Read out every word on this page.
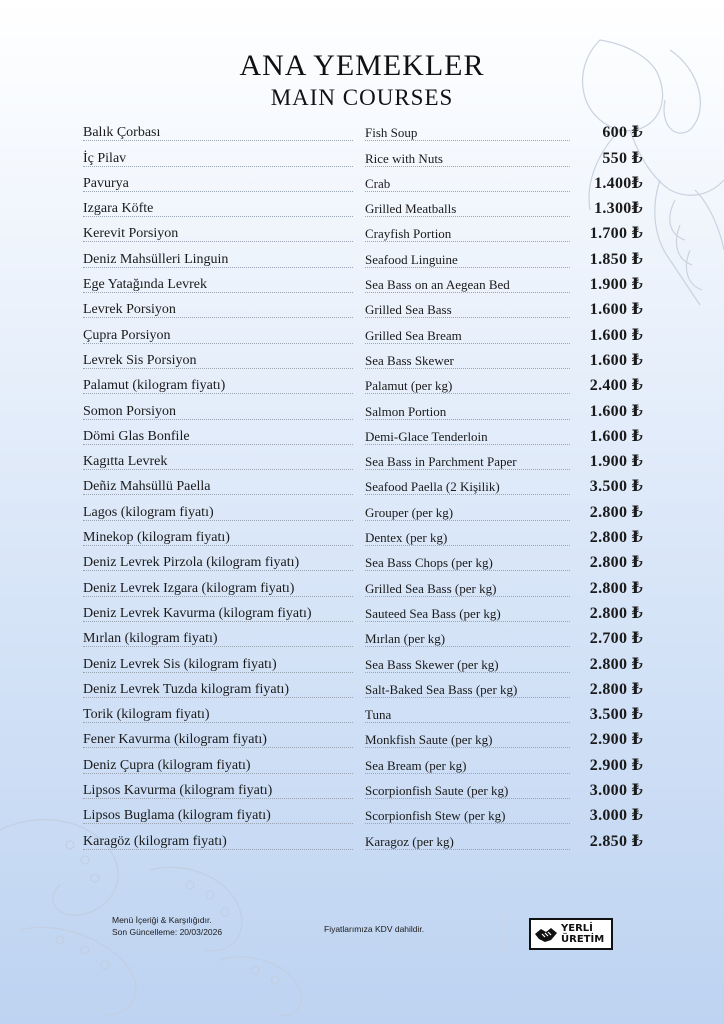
ANA YEMEKLER
MAIN COURSES
Balık Çorbası	Fish Soup	600 ₺
İç Pilav	Rice with Nuts	550 ₺
Pavurya	Crab	1.400₺
Izgara Köfte	Grilled Meatballs	1.300₺
Kerevit Porsiyon	Crayfish Portion	1.700 ₺
Deniz Mahsülleri Linguin	Seafood Linguine	1.850 ₺
Ege Yatağında Levrek	Sea Bass on an Aegean Bed	1.900 ₺
Levrek Porsiyon	Grilled Sea Bass	1.600 ₺
Çupra Porsiyon	Grilled Sea Bream	1.600 ₺
Levrek Sis Porsiyon	Sea Bass Skewer	1.600 ₺
Palamut (kilogram fiyatı)	Palamut (per kg)	2.400 ₺
Somon Porsiyon	Salmon Portion	1.600 ₺
Dömi Glas Bonfile	Demi-Glace Tenderloin	1.600 ₺
Kagıtta Levrek	Sea Bass in Parchment Paper	1.900 ₺
Deñiz Mahsüllü Paella	Seafood Paella (2 Kişilik)	3.500 ₺
Lagos (kilogram fiyatı)	Grouper (per kg)	2.800 ₺
Minekop (kilogram fiyatı)	Dentex (per kg)	2.800 ₺
Deniz Levrek Pirzola (kilogram fiyatı)	Sea Bass Chops (per kg)	2.800 ₺
Deniz Levrek Izgara (kilogram fiyatı)	Grilled Sea Bass (per kg)	2.800 ₺
Deniz Levrek Kavurma (kilogram fiyatı)	Sauteed Sea Bass (per kg)	2.800 ₺
Mırlan (kilogram fiyatı)	Mırlan (per kg)	2.700 ₺
Deniz Levrek Sis (kilogram fiyatı)	Sea Bass Skewer (per kg)	2.800 ₺
Deniz Levrek Tuzda kilogram fiyatı)	Salt-Baked Sea Bass (per kg)	2.800 ₺
Torik (kilogram fiyatı)	Tuna	3.500 ₺
Fener Kavurma (kilogram fiyatı)	Monkfish Saute (per kg)	2.900 ₺
Deniz Çupra (kilogram fiyatı)	Sea Bream (per kg)	2.900 ₺
Lipsos Kavurma (kilogram fiyatı)	Scorpionfish Saute (per kg)	3.000 ₺
Lipsos Buglama (kilogram fiyatı)	Scorpionfish Stew (per kg)	3.000 ₺
Karagöz (kilogram fiyatı)	Karagoz (per kg)	2.850 ₺
Menü İçeriği & Karşılığıdır.
Son Güncelleme: 20/03/2026	Fiyatlarımıza KDV dahildir.	YERLİ
ÜRETİM
